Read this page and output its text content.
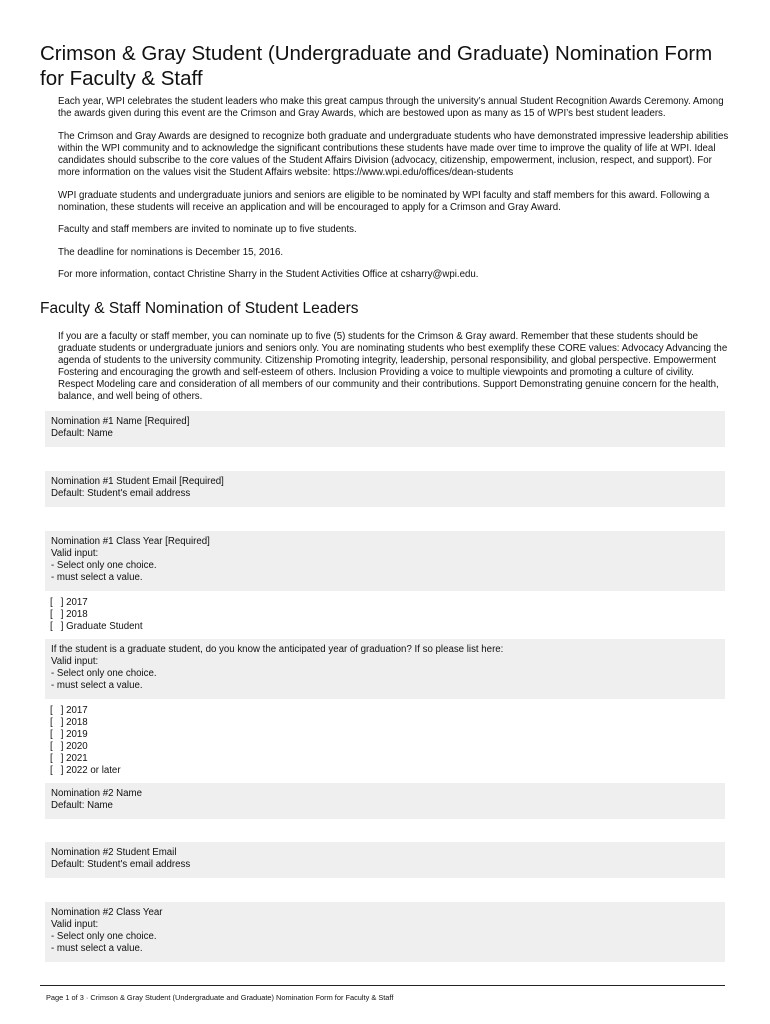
Crimson & Gray Student (Undergraduate and Graduate) Nomination Form for Faculty & Staff

Each year, WPI celebrates the student leaders who make this great campus through the university’s annual Student Recognition Awards Ceremony. Among the awards given during this event are the Crimson and Gray Awards, which are bestowed upon as many as 15 of WPI’s best student leaders.

The Crimson and Gray Awards are designed to recognize both graduate and undergraduate students who have demonstrated impressive leadership abilities within the WPI community and to acknowledge the significant contributions these students have made over time to improve the quality of life at WPI. Ideal candidates should subscribe to the core values of the Student Affairs Division (advocacy, citizenship, empowerment, inclusion, respect, and support). For more information on the values visit the Student Affairs website: https://www.wpi.edu/offices/dean-students

WPI graduate students and undergraduate juniors and seniors are eligible to be nominated by WPI faculty and staff members for this award. Following a nomination, these students will receive an application and will be encouraged to apply for a Crimson and Gray Award.

Faculty and staff members are invited to nominate up to five students.

The deadline for nominations is December 15, 2016.

For more information, contact Christine Sharry in the Student Activities Office at csharry@wpi.edu.

Faculty & Staff Nomination of Student Leaders

If you are a faculty or staff member, you can nominate up to five (5) students for the Crimson & Gray award. Remember that these students should be graduate students or undergraduate juniors and seniors only. You are nominating students who best exemplify these CORE values: Advocacy Advancing the agenda of students to the university community. Citizenship Promoting integrity, leadership, personal responsibility, and global perspective. Empowerment Fostering and encouraging the growth and self-esteem of others. Inclusion Providing a voice to multiple viewpoints and promoting a culture of civility. Respect Modeling care and consideration of all members of our community and their contributions. Support Demonstrating genuine concern for the health, balance, and well being of others.

Nomination #1 Name [Required]
Default: Name
Nomination #1 Student Email [Required]
Default: Student's email address
Nomination #1 Class Year [Required]
Valid input:
- Select only one choice.
- must select a value.
[   ] 2017
[   ] 2018
[   ] Graduate Student
If the student is a graduate student, do you know the anticipated year of graduation? If so please list here:
Valid input:
- Select only one choice.
- must select a value.
[   ] 2017
[   ] 2018
[   ] 2019
[   ] 2020
[   ] 2021
[   ] 2022 or later
Nomination #2 Name
Default: Name
Nomination #2 Student Email
Default: Student's email address
Nomination #2 Class Year
Valid input:
- Select only one choice.
- must select a value.
Page 1 of 3 · Crimson & Gray Student (Undergraduate and Graduate) Nomination Form for Faculty & Staff
